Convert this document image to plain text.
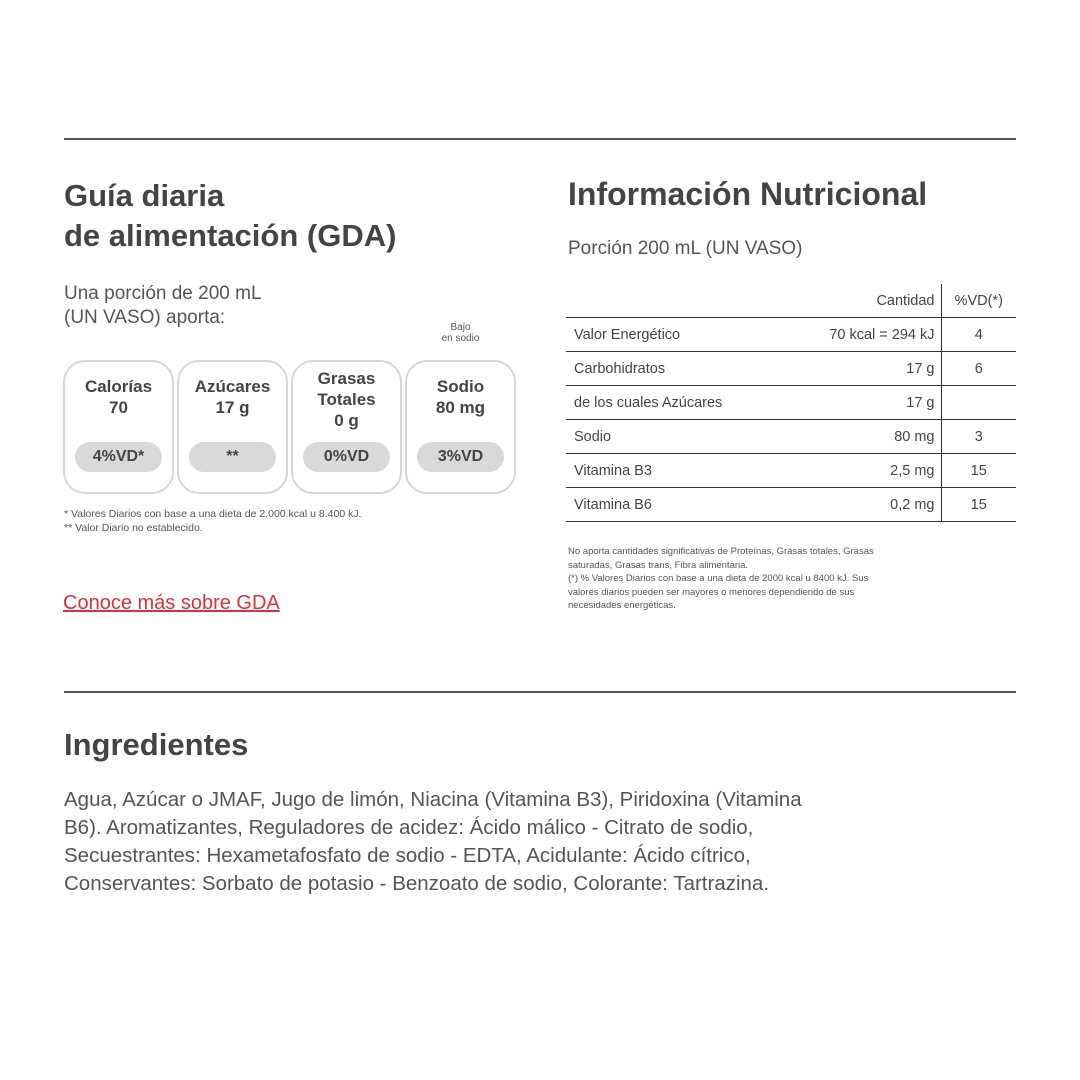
Guía diaria
de alimentación (GDA)

Una porción de 200 mL
(UN VASO) aporta:

Calorías
70
4%VD*
Azúcares
17 g
**
Grasas
Totales
0 g
0%VD
Bajo
en sodio
Sodio
80 mg
3%VD

* Valores Diarios con base a una dieta de 2.000 kcal u 8.400 kJ.
** Valor Diario no establecido.

Conoce más sobre GDA
Información Nutricional

Porción 200 mL (UN VASO)

	Cantidad	%VD(*)
Valor Energético	70 kcal = 294 kJ	4
Carbohidratos	17 g	6
de los cuales Azúcares	17 g	
Sodio	80 mg	3
Vitamina B3	2,5 mg	15
Vitamina B6	0,2 mg	15

No aporta cantidades significativas de Proteínas, Grasas totales, Grasas
saturadas, Grasas trans, Fibra alimentaria.
(*) % Valores Diarios con base a una dieta de 2000 kcal u 8400 kJ. Sus
valores diarios pueden ser mayores o menores dependiendo de sus
necesidades energéticas.

Ingredientes

Agua, Azúcar o JMAF, Jugo de limón, Niacina (Vitamina B3), Piridoxina (Vitamina
B6). Aromatizantes, Reguladores de acidez: Ácido málico - Citrato de sodio,
Secuestrantes: Hexametafosfato de sodio - EDTA, Acidulante: Ácido cítrico,
Conservantes: Sorbato de potasio - Benzoato de sodio, Colorante: Tartrazina.
